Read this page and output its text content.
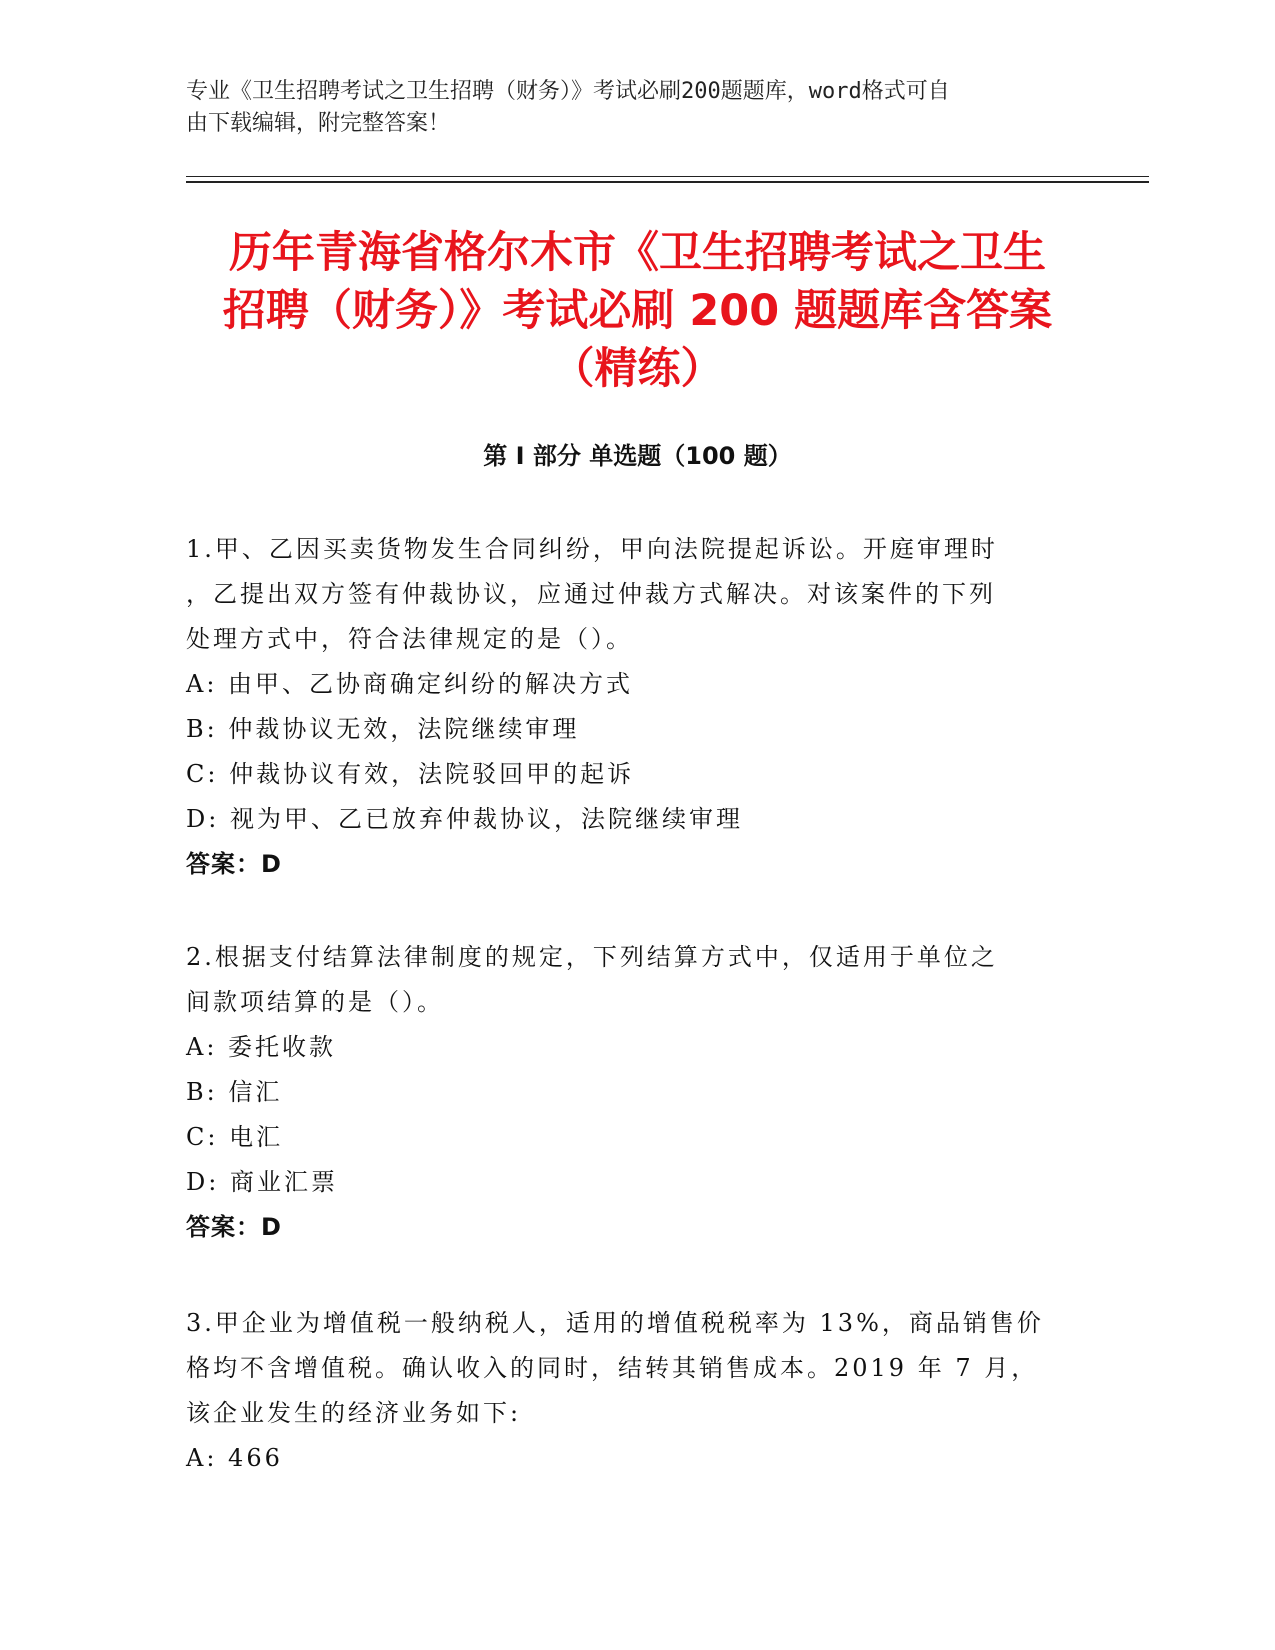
专业《卫生招聘考试之卫生招聘（财务）》考试必刷200题题库，word格式可自
由下载编辑，附完整答案！
历年青海省格尔木市《卫生招聘考试之卫生
招聘（财务）》考试必刷 200 题题库含答案
（精练）
第 I 部分 单选题（100 题）

1.甲、乙因买卖货物发生合同纠纷，甲向法院提起诉讼。开庭审理时

，乙提出双方签有仲裁协议，应通过仲裁方式解决。对该案件的下列

处理方式中，符合法律规定的是（）。

A: 由甲、乙协商确定纠纷的解决方式

B: 仲裁协议无效，法院继续审理

C: 仲裁协议有效，法院驳回甲的起诉

D: 视为甲、乙已放弃仲裁协议，法院继续审理

答案：D

2.根据支付结算法律制度的规定，下列结算方式中，仅适用于单位之

间款项结算的是（）。

A: 委托收款

B: 信汇

C: 电汇

D: 商业汇票

答案：D

3.甲企业为增值税一般纳税人，适用的增值税税率为 13%，商品销售价

格均不含增值税。确认收入的同时，结转其销售成本。2019 年 7 月，

该企业发生的经济业务如下:

A: 466
